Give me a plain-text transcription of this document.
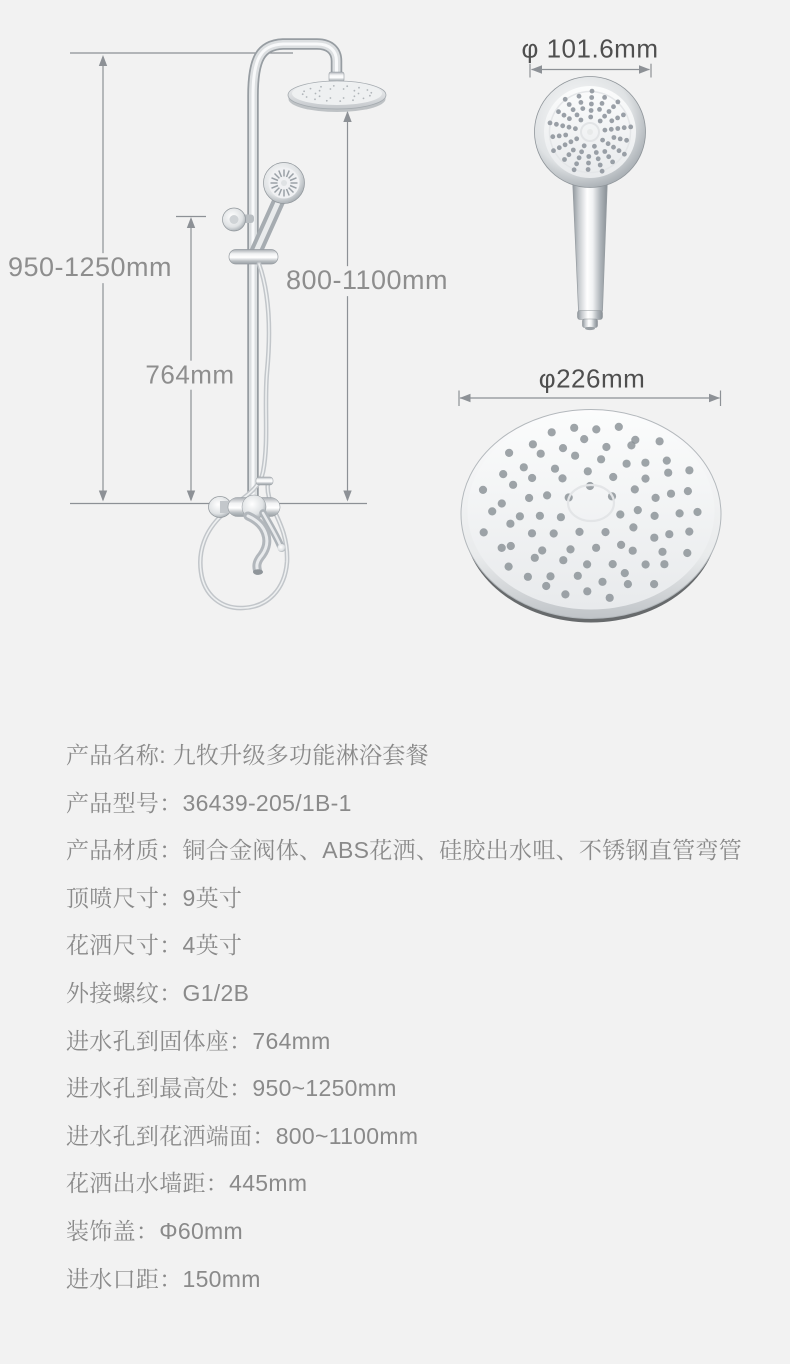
950-1250mm
764mm
800-1100mm
φ 101.6mm
φ226mm
产品名称: 九牧升级多功能淋浴套餐
产品型号：36439-205/1B-1
产品材质：铜合金阀体、ABS花洒、硅胶出水咀、不锈钢直管弯管
顶喷尺寸：9英寸
花洒尺寸：4英寸
外接螺纹：G1/2B
进水孔到固体座：764mm
进水孔到最高处：950~1250mm
进水孔到花洒端面：800~1100mm
花洒出水墙距：445mm
装饰盖：Φ60mm
进水口距：150mm
